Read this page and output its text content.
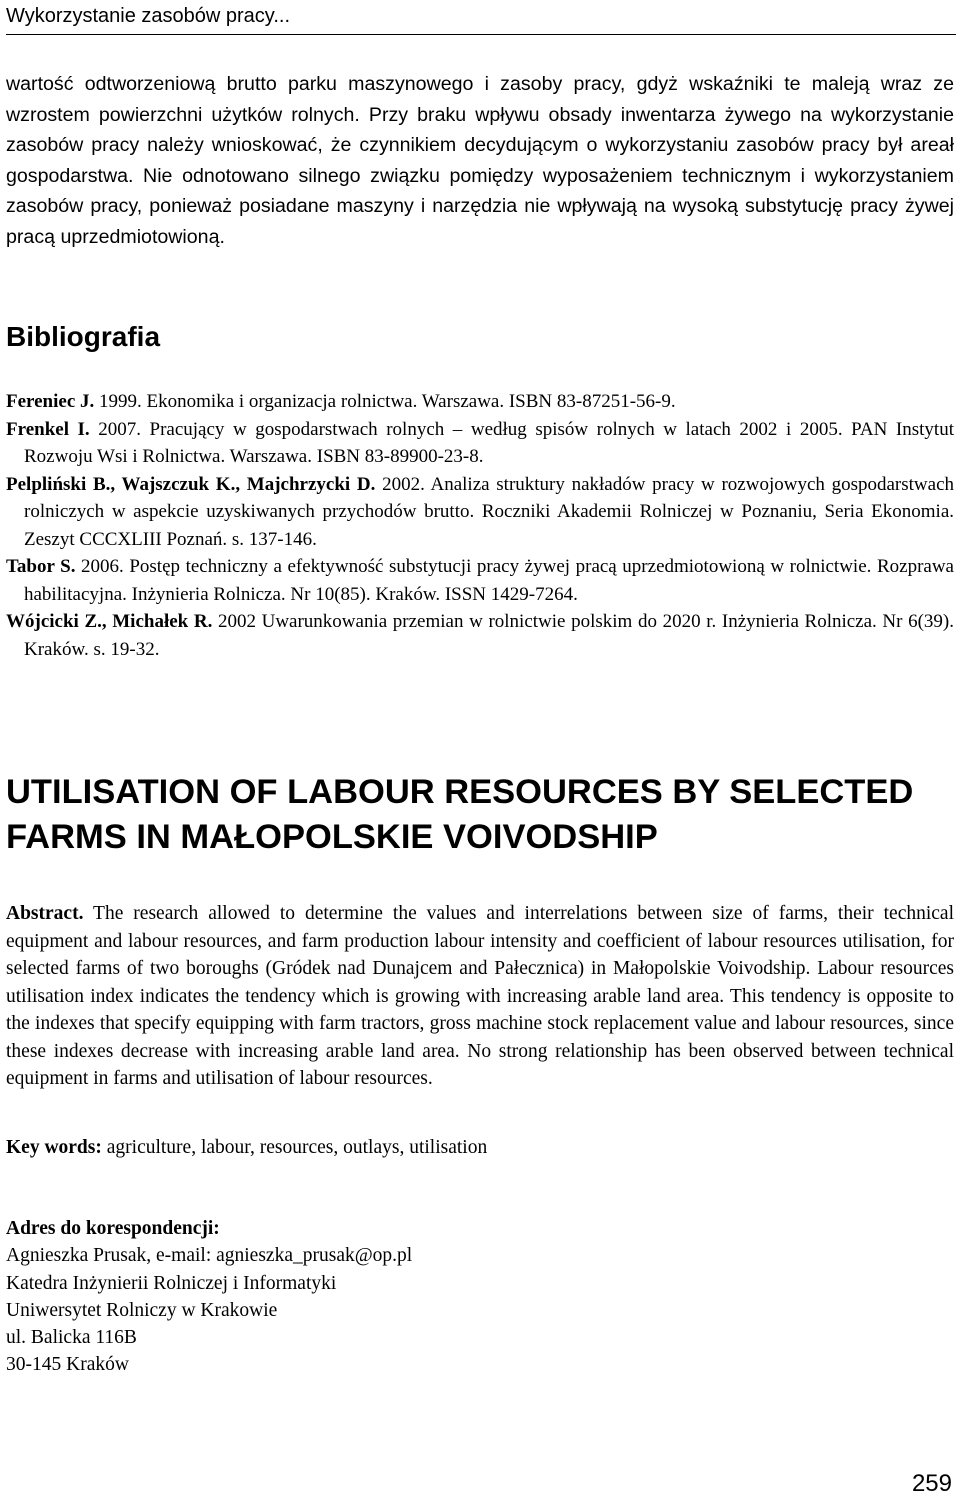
Wykorzystanie zasobów pracy...

wartość odtworzeniową brutto parku maszynowego i zasoby pracy, gdyż wskaźniki te maleją wraz ze wzrostem powierzchni użytków rolnych. Przy braku wpływu obsady inwentarza żywego na wykorzystanie zasobów pracy należy wnioskować, że czynnikiem decydującym o wykorzystaniu zasobów pracy był areał gospodarstwa. Nie odnotowano silnego związku pomiędzy wyposażeniem technicznym i wykorzystaniem zasobów pracy, ponieważ posiadane maszyny i narzędzia nie wpływają na wysoką substytucję pracy żywej pracą uprzedmiotowioną.

Bibliografia
Fereniec J. 1999. Ekonomika i organizacja rolnictwa. Warszawa. ISBN 83-87251-56-9.
Frenkel I. 2007. Pracujący w gospodarstwach rolnych – według spisów rolnych w latach 2002 i 2005. PAN Instytut Rozwoju Wsi i Rolnictwa. Warszawa. ISBN 83-89900-23-8.
Pelpliński B., Wajszczuk K., Majchrzycki D. 2002. Analiza struktury nakładów pracy w rozwojowych gospodarstwach rolniczych w aspekcie uzyskiwanych przychodów brutto. Roczniki Akademii Rolniczej w Poznaniu, Seria Ekonomia. Zeszyt CCCXLIII Poznań. s. 137-146.
Tabor S. 2006. Postęp techniczny a efektywność substytucji pracy żywej pracą uprzedmiotowioną w rolnictwie. Rozprawa habilitacyjna. Inżynieria Rolnicza. Nr 10(85). Kraków. ISSN 1429-7264.
Wójcicki Z., Michałek R. 2002 Uwarunkowania przemian w rolnictwie polskim do 2020 r. Inżynieria Rolnicza. Nr 6(39). Kraków. s. 19-32.
UTILISATION OF LABOUR RESOURCES BY SELECTED FARMS IN MAŁOPOLSKIE VOIVODSHIP

Abstract. The research allowed to determine the values and interrelations between size of farms, their technical equipment and labour resources, and farm production labour intensity and coefficient of labour resources utilisation, for selected farms of two boroughs (Gródek nad Dunajcem and Pałecznica) in Małopolskie Voivodship. Labour resources utilisation index indicates the tendency which is growing with increasing arable land area. This tendency is opposite to the indexes that specify equipping with farm tractors, gross machine stock replacement value and labour resources, since these indexes decrease with increasing arable land area. No strong relationship has been observed between technical equipment in farms and utilisation of labour resources.

Key words: agriculture, labour, resources, outlays, utilisation

Adres do korespondencji:
Agnieszka Prusak, e-mail: agnieszka_prusak@op.pl
Katedra Inżynierii Rolniczej i Informatyki
Uniwersytet Rolniczy w Krakowie
ul. Balicka 116B
30-145 Kraków
259
